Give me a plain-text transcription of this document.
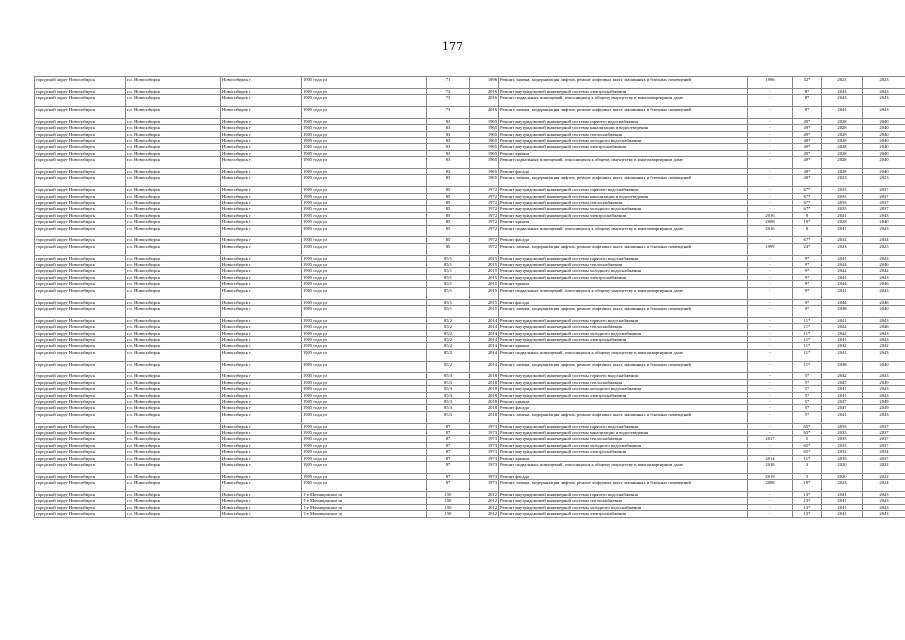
177
городской округ Новосибирск	г.о. Новосибирск	Новосибирск г	1905 года ул	71	1996	Ремонт, замена, модернизация лифтов, ремонт лифтовых шахт, машинных и блочных помещений	1996	32*	2023	2023
городской округ Новосибирск	г.о. Новосибирск	Новосибирск г	1905 года ул	73	2016	Ремонт внутридомовой инженерной системы электроснабжения	-	8*	2043	2043
городской округ Новосибирск	г.о. Новосибирск	Новосибирск г	1905 года ул	73	2016	Ремонт подвальных помещений, относящихся к общему имуществу в многоквартирном доме	-	8*	2043	2043
городской округ Новосибирск	г.о. Новосибирск	Новосибирск г	1905 года ул	73	2016	Ремонт, замена, модернизация лифтов, ремонт лифтовых шахт, машинных и блочных помещений	-	8*	2041	2043
городской округ Новосибирск	г.о. Новосибирск	Новосибирск г	1905 года ул	83	1965	Ремонт внутридомовой инженерной системы горячего водоснабжения	-	49*	2028	2040
городской округ Новосибирск	г.о. Новосибирск	Новосибирск г	1905 года ул	83	1965	Ремонт внутридомовой инженерной системы канализации и водоотведения	-	49*	2028	2040
городской округ Новосибирск	г.о. Новосибирск	Новосибирск г	1905 года ул	83	1965	Ремонт внутридомовой инженерной системы теплоснабжения	-	49*	2028	2040
городской округ Новосибирск	г.о. Новосибирск	Новосибирск г	1905 года ул	83	1965	Ремонт внутридомовой инженерной системы холодного водоснабжения	-	49*	2028	2040
городской округ Новосибирск	г.о. Новосибирск	Новосибирск г	1905 года ул	83	1965	Ремонт внутридомовой инженерной системы электроснабжения	-	49*	2028	2040
городской округ Новосибирск	г.о. Новосибирск	Новосибирск г	1905 года ул	83	1965	Ремонт крыши	-	49*	2028	2040
городской округ Новосибирск	г.о. Новосибирск	Новосибирск г	1905 года ул	83	1965	Ремонт подвальных помещений, относящихся к общему имуществу в многоквартирном доме	-	49*	2028	2040
городской округ Новосибирск	г.о. Новосибирск	Новосибирск г	1905 года ул	83	1965	Ремонт фасада	-	49*	2028	2040
городской округ Новосибирск	г.о. Новосибирск	Новосибирск г	1905 года ул	83	1965	Ремонт, замена, модернизация лифтов, ремонт лифтовых шахт, машинных и блочных помещений	-	49*	2023	2023
городской округ Новосибирск	г.о. Новосибирск	Новосибирск г	1905 года ул	85	1972	Ремонт внутридомовой инженерной системы горячего водоснабжения	-	67*	2035	2037
городской округ Новосибирск	г.о. Новосибирск	Новосибирск г	1905 года ул	85	1972	Ремонт внутридомовой инженерной системы канализации и водоотведения	-	67*	2035	2037
городской округ Новосибирск	г.о. Новосибирск	Новосибирск г	1905 года ул	85	1972	Ремонт внутридомовой инженерной системы теплоснабжения	-	67*	2035	2037
городской округ Новосибирск	г.о. Новосибирск	Новосибирск г	1905 года ул	85	1972	Ремонт внутридомовой инженерной системы холодного водоснабжения	-	67*	2035	2037
городской округ Новосибирск	г.о. Новосибирск	Новосибирск г	1905 года ул	85	1972	Ремонт внутридомовой инженерной системы электроснабжения	2016	8	2041	2043
городской округ Новосибирск	г.о. Новосибирск	Новосибирск г	1905 года ул	85	1972	Ремонт крыши	2008	19*	2028	2040
городской округ Новосибирск	г.о. Новосибирск	Новосибирск г	1905 года ул	85	1972	Ремонт подвальных помещений, относящихся к общему имуществу в многоквартирном доме	2016	8	2041	2043
городской округ Новосибирск	г.о. Новосибирск	Новосибирск г	1905 года ул	85	1972	Ремонт фасада	-	67*	2032	2034
городской округ Новосибирск	г.о. Новосибирск	Новосибирск г	1905 года ул	85	1972	Ремонт, замена, модернизация лифтов, ремонт лифтовых шахт, машинных и блочных помещений	1999	24*	2023	2025
городской округ Новосибирск	г.о. Новосибирск	Новосибирск г	1905 года ул	85/1	2015	Ремонт внутридомовой инженерной системы горячего водоснабжения	-	9*	2041	2043
городской округ Новосибирск	г.о. Новосибирск	Новосибирск г	1905 года ул	85/1	2015	Ремонт внутридомовой инженерной системы теплоснабжения	-	9*	2044	2046
городской округ Новосибирск	г.о. Новосибирск	Новосибирск г	1905 года ул	85/1	2015	Ремонт внутридомовой инженерной системы холодного водоснабжения	-	9*	2042	2042
городской округ Новосибирск	г.о. Новосибирск	Новосибирск г	1905 года ул	85/1	2015	Ремонт внутридомовой инженерной системы электроснабжения	-	9*	2041	2043
городской округ Новосибирск	г.о. Новосибирск	Новосибирск г	1905 года ул	85/1	2015	Ремонт крыши	-	9*	2044	2046
городской округ Новосибирск	г.о. Новосибирск	Новосибирск г	1905 года ул	85/1	2015	Ремонт подвальных помещений, относящихся к общему имуществу в многоквартирном доме	-	9*	2041	2043
городской округ Новосибирск	г.о. Новосибирск	Новосибирск г	1905 года ул	85/1	2015	Ремонт фасада	-	9*	2044	2046
городской округ Новосибирск	г.о. Новосибирск	Новосибирск г	1905 года ул	85/1	2015	Ремонт, замена, модернизация лифтов, ремонт лифтовых шахт, машинных и блочных помещений	-	9*	2038	2040
городской округ Новосибирск	г.о. Новосибирск	Новосибирск г	1905 года ул	85/2	2014	Ремонт внутридомовой инженерной системы горячего водоснабжения	-	11*	2041	2043
городской округ Новосибирск	г.о. Новосибирск	Новосибирск г	1905 года ул	85/2	2014	Ремонт внутридомовой инженерной системы теплоснабжения	-	11*	2044	2046
городской округ Новосибирск	г.о. Новосибирск	Новосибирск г	1905 года ул	85/2	2014	Ремонт внутридомовой инженерной системы холодного водоснабжения	-	11*	2042	2043
городской округ Новосибирск	г.о. Новосибирск	Новосибирск г	1905 года ул	85/2	2014	Ремонт внутридомовой инженерной системы электроснабжения	-	11*	2041	2043
городской округ Новосибирск	г.о. Новосибирск	Новосибирск г	1905 года ул	85/2	2014	Ремонт крыши	-	11*	2042	2042
городской округ Новосибирск	г.о. Новосибирск	Новосибирск г	1905 года ул	85/2	2014	Ремонт подвальных помещений, относящихся к общему имуществу в многоквартирном доме	-	11*	2041	2043
городской округ Новосибирск	г.о. Новосибирск	Новосибирск г	1905 года ул	85/2	2014	Ремонт, замена, модернизация лифтов, ремонт лифтовых шахт, машинных и блочных помещений	-	11*	2038	2040
городской округ Новосибирск	г.о. Новосибирск	Новосибирск г	1905 года ул	85/3	2018	Ремонт внутридомовой инженерной системы горячего водоснабжения	-	5*	2042	2043
городской округ Новосибирск	г.о. Новосибирск	Новосибирск г	1905 года ул	85/3	2018	Ремонт внутридомовой инженерной системы теплоснабжения	-	5*	2047	2049
городской округ Новосибирск	г.о. Новосибирск	Новосибирск г	1905 года ул	85/3	2018	Ремонт внутридомовой инженерной системы холодного водоснабжения	-	5*	2041	2043
городской округ Новосибирск	г.о. Новосибирск	Новосибирск г	1905 года ул	85/3	2018	Ремонт внутридомовой инженерной системы электроснабжения	-	5*	2041	2043
городской округ Новосибирск	г.о. Новосибирск	Новосибирск г	1905 года ул	85/3	2018	Ремонт крыши	-	5*	2047	2049
городской округ Новосибирск	г.о. Новосибирск	Новосибирск г	1905 года ул	85/3	2018	Ремонт фасада	-	5*	2047	2049
городской округ Новосибирск	г.о. Новосибирск	Новосибирск г	1905 года ул	85/3	2018	Ремонт, замена, модернизация лифтов, ремонт лифтовых шахт, машинных и блочных помещений	-	5*	2041	2043
городской округ Новосибирск	г.о. Новосибирск	Новосибирск г	1905 года ул	87	1973	Ремонт внутридомовой инженерной системы горячего водоснабжения	-	65*	2035	2037
городской округ Новосибирск	г.о. Новосибирск	Новосибирск г	1905 года ул	87	1973	Ремонт внутридомовой инженерной системы канализации и водоотведения	-	65*	2035	2037
городской округ Новосибирск	г.о. Новосибирск	Новосибирск г	1905 года ул	87	1973	Ремонт внутридомовой инженерной системы теплоснабжения	2017	5	2035	2037
городской округ Новосибирск	г.о. Новосибирск	Новосибирск г	1905 года ул	87	1973	Ремонт внутридомовой инженерной системы холодного водоснабжения	-	65*	2035	2037
городской округ Новосибирск	г.о. Новосибирск	Новосибирск г	1905 года ул	87	1973	Ремонт внутридомовой инженерной системы электроснабжения	-	65*	2032	2034
городской округ Новосибирск	г.о. Новосибирск	Новосибирск г	1905 года ул	87	1973	Ремонт крыши	2014	11*	2035	2037
городской округ Новосибирск	г.о. Новосибирск	Новосибирск г	1905 года ул	87	1973	Ремонт подвальных помещений, относящихся к общему имуществу в многоквартирном доме	2018	3	2020	2022
городской округ Новосибирск	г.о. Новосибирск	Новосибирск г	1905 года ул	87	1973	Ремонт фасада	2019	3	2020	2022
городской округ Новосибирск	г.о. Новосибирск	Новосибирск г	1905 года ул	87	1973	Ремонт, замена, модернизация лифтов, ремонт лифтовых шахт, машинных и блочных помещений	2008	19*	2023	2024
городской округ Новосибирск	г.о. Новосибирск	Новосибирск г	1-е Мочищенское ш	150	2012	Ремонт внутридомовой инженерной системы горячего водоснабжения	-	13*	2041	2043
городской округ Новосибирск	г.о. Новосибирск	Новосибирск г	1-е Мочищенское ш	150	2012	Ремонт внутридомовой инженерной системы теплоснабжения	-	13*	2041	2043
городской округ Новосибирск	г.о. Новосибирск	Новосибирск г	1-е Мочищенское ш	150	2012	Ремонт внутридомовой инженерной системы холодного водоснабжения	-	13*	2041	2043
городской округ Новосибирск	г.о. Новосибирск	Новосибирск г	1-е Мочищенское ш	150	2012	Ремонт внутридомовой инженерной системы электроснабжения	-	13*	2041	2043
